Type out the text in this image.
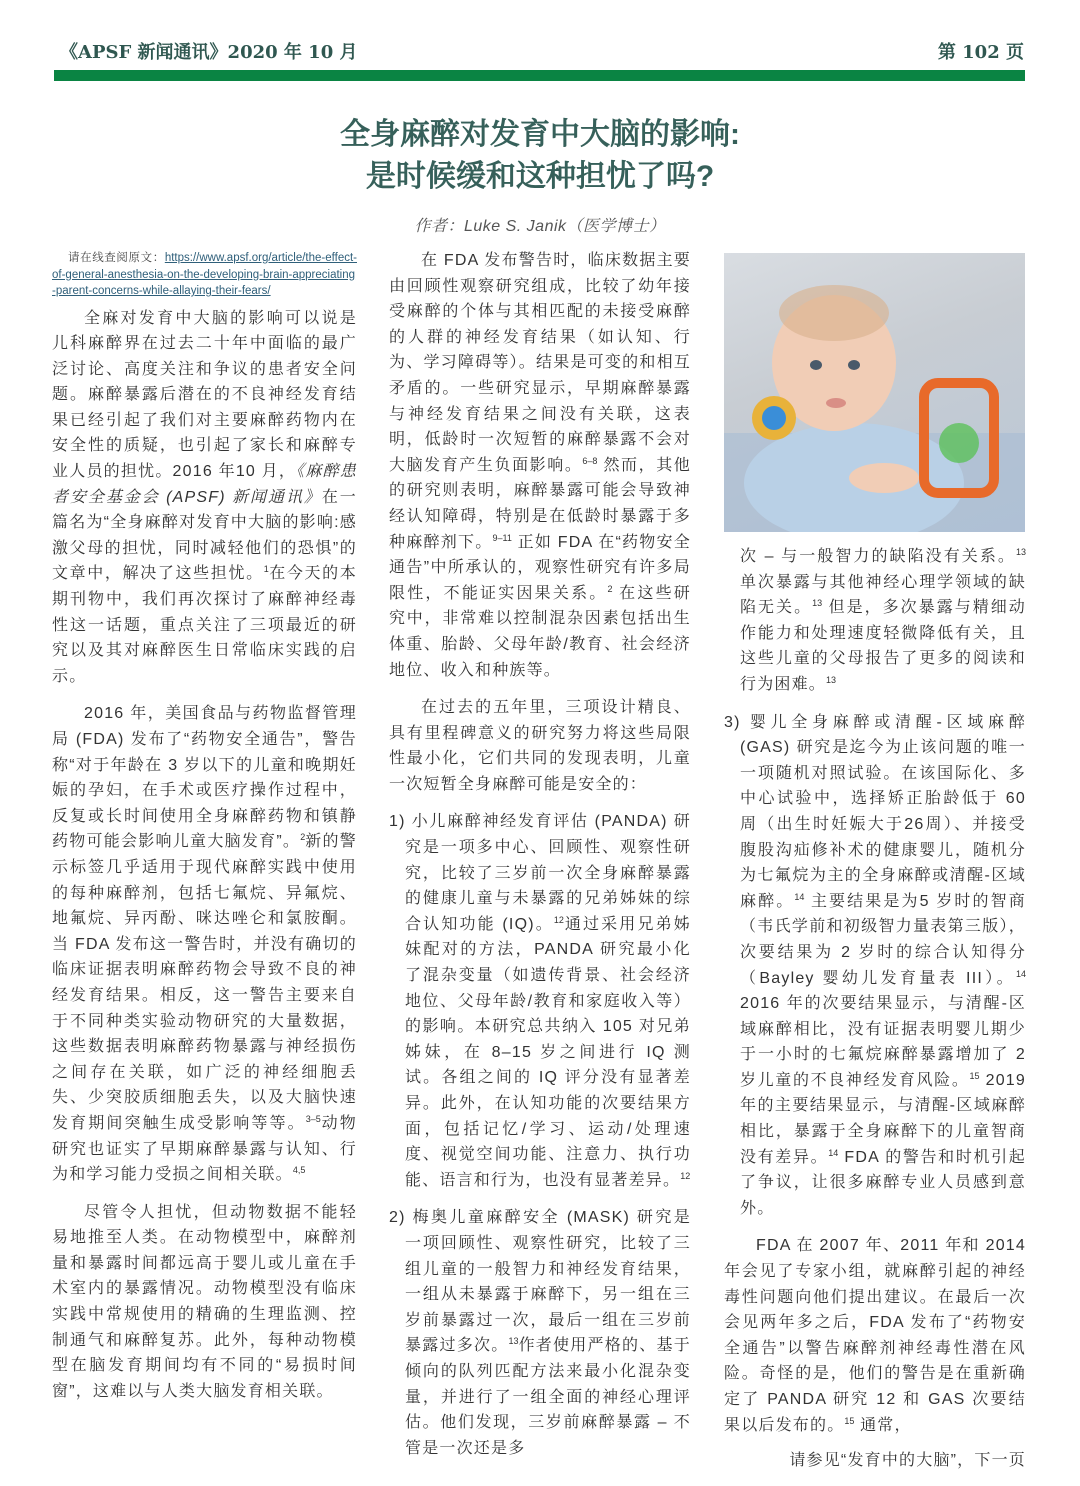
《APSF 新闻通讯》2020 年 10 月	第 102 页
全身麻醉对发育中大脑的影响:
是时候缓和这种担忧了吗?
作者：Luke S. Janik（医学博士）
请在线查阅原文：https://www.apsf.org/article/the-effect-of-general-anesthesia-on-the-developing-brain-appreciating-parent-concerns-while-allaying-their-fears/

全麻对发育中大脑的影响可以说是儿科麻醉界在过去二十年中面临的最广泛讨论、高度关注和争议的患者安全问题。麻醉暴露后潜在的不良神经发育结果已经引起了我们对主要麻醉药物内在安全性的质疑，也引起了家长和麻醉专业人员的担忧。2016 年10 月，《麻醉患者安全基金会 (APSF) 新闻通讯》在一篇名为“全身麻醉对发育中大脑的影响:感激父母的担忧，同时减轻他们的恐惧”的文章中，解决了这些担忧。$^1$在今天的本期刊物中，我们再次探讨了麻醉神经毒性这一话题，重点关注了三项最近的研究以及其对麻醉医生日常临床实践的启示。

2016 年，美国食品与药物监督管理局 (FDA) 发布了“药物安全通告”，警告称“对于年龄在 3 岁以下的儿童和晚期妊娠的孕妇，在手术或医疗操作过程中，反复或长时间使用全身麻醉药物和镇静药物可能会影响儿童大脑发育”。$^2$新的警示标签几乎适用于现代麻醉实践中使用的每种麻醉剂，包括七氟烷、异氟烷、地氟烷、异丙酚、咪达唑仑和氯胺酮。当 FDA 发布这一警告时，并没有确切的临床证据表明麻醉药物会导致不良的神经发育结果。相反，这一警告主要来自于不同种类实验动物研究的大量数据，这些数据表明麻醉药物暴露与神经损伤之间存在关联，如广泛的神经细胞丢失、少突胶质细胞丢失，以及大脑快速发育期间突触生成受影响等等。$^{3-5}$动物研究也证实了早期麻醉暴露与认知、行为和学习能力受损之间相关联。$^{4,5}$

尽管令人担忧，但动物数据不能轻易地推至人类。在动物模型中，麻醉剂量和暴露时间都远高于婴儿或儿童在手术室内的暴露情况。动物模型没有临床实践中常规使用的精确的生理监测、控制通气和麻醉复苏。此外，每种动物模型在脑发育期间均有不同的“易损时间窗”，这难以与人类大脑发育相关联。

在 FDA 发布警告时，临床数据主要由回顾性观察研究组成，比较了幼年接受麻醉的个体与其相匹配的未接受麻醉的人群的神经发育结果（如认知、行为、学习障碍等）。结果是可变的和相互矛盾的。一些研究显示，早期麻醉暴露与神经发育结果之间没有关联，这表明，低龄时一次短暂的麻醉暴露不会对大脑发育产生负面影响。$^{6-8}$ 然而，其他的研究则表明，麻醉暴露可能会导致神经认知障碍，特别是在低龄时暴露于多种麻醉剂下。$^{9-11}$ 正如 FDA 在“药物安全通告”中所承认的，观察性研究有许多局限性，不能证实因果关系。$^2$ 在这些研究中，非常难以控制混杂因素包括出生体重、胎龄、父母年龄/教育、社会经济地位、收入和种族等。

在过去的五年里，三项设计精良、具有里程碑意义的研究努力将这些局限性最小化，它们共同的发现表明，儿童一次短暂全身麻醉可能是安全的：

1) 小儿麻醉神经发育评估 (PANDA) 研究是一项多中心、回顾性、观察性研究，比较了三岁前一次全身麻醉暴露的健康儿童与未暴露的兄弟姊妹的综合认知功能 (IQ)。$^{12}$通过采用兄弟姊妹配对的方法，PANDA 研究最小化了混杂变量（如遗传背景、社会经济地位、父母年龄/教育和家庭收入等）的影响。本研究总共纳入 105 对兄弟姊妹，在 8–15 岁之间进行 IQ 测试。各组之间的 IQ 评分没有显著差异。此外，在认知功能的次要结果方面，包括记忆/学习、运动/处理速度、视觉空间功能、注意力、执行功能、语言和行为，也没有显著差异。$^{12}$

2) 梅奥儿童麻醉安全 (MASK) 研究是一项回顾性、观察性研究，比较了三组儿童的一般智力和神经发育结果，一组从未暴露于麻醉下，另一组在三岁前暴露过一次，最后一组在三岁前暴露过多次。$^{13}$作者使用严格的、基于倾向的队列匹配方法来最小化混杂变量，并进行了一组全面的神经心理评估。他们发现，三岁前麻醉暴露 – 不管是一次还是多

次 – 与一般智力的缺陷没有关系。$^{13}$ 单次暴露与其他神经心理学领域的缺陷无关。$^{13}$ 但是，多次暴露与精细动作能力和处理速度轻微降低有关，且这些儿童的父母报告了更多的阅读和行为困难。$^{13}$

3) 婴儿全身麻醉或清醒-区域麻醉 (GAS) 研究是迄今为止该问题的唯一一项随机对照试验。在该国际化、多中心试验中，选择矫正胎龄低于 60 周（出生时妊娠大于26周）、并接受腹股沟疝修补术的健康婴儿，随机分为七氟烷为主的全身麻醉或清醒-区域麻醉。$^{14}$ 主要结果是为5 岁时的智商（韦氏学前和初级智力量表第三版），次要结果为 2 岁时的综合认知得分（Bayley 婴幼儿发育量表 III）。$^{14}$ 2016 年的次要结果显示，与清醒-区域麻醉相比，没有证据表明婴儿期少于一小时的七氟烷麻醉暴露增加了 2 岁儿童的不良神经发育风险。$^{15}$ 2019 年的主要结果显示，与清醒-区域麻醉相比，暴露于全身麻醉下的儿童智商没有差异。$^{14}$ FDA 的警告和时机引起了争议，让很多麻醉专业人员感到意外。

FDA 在 2007 年、2011 年和 2014 年会见了专家小组，就麻醉引起的神经毒性问题向他们提出建议。在最后一次会见两年多之后，FDA 发布了“药物安全通告”以警告麻醉剂神经毒性潜在风险。奇怪的是，他们的警告是在重新确定了 PANDA 研究 12 和 GAS 次要结果以后发布的。$^{15}$ 通常，

请参见“发育中的大脑”，下一页
